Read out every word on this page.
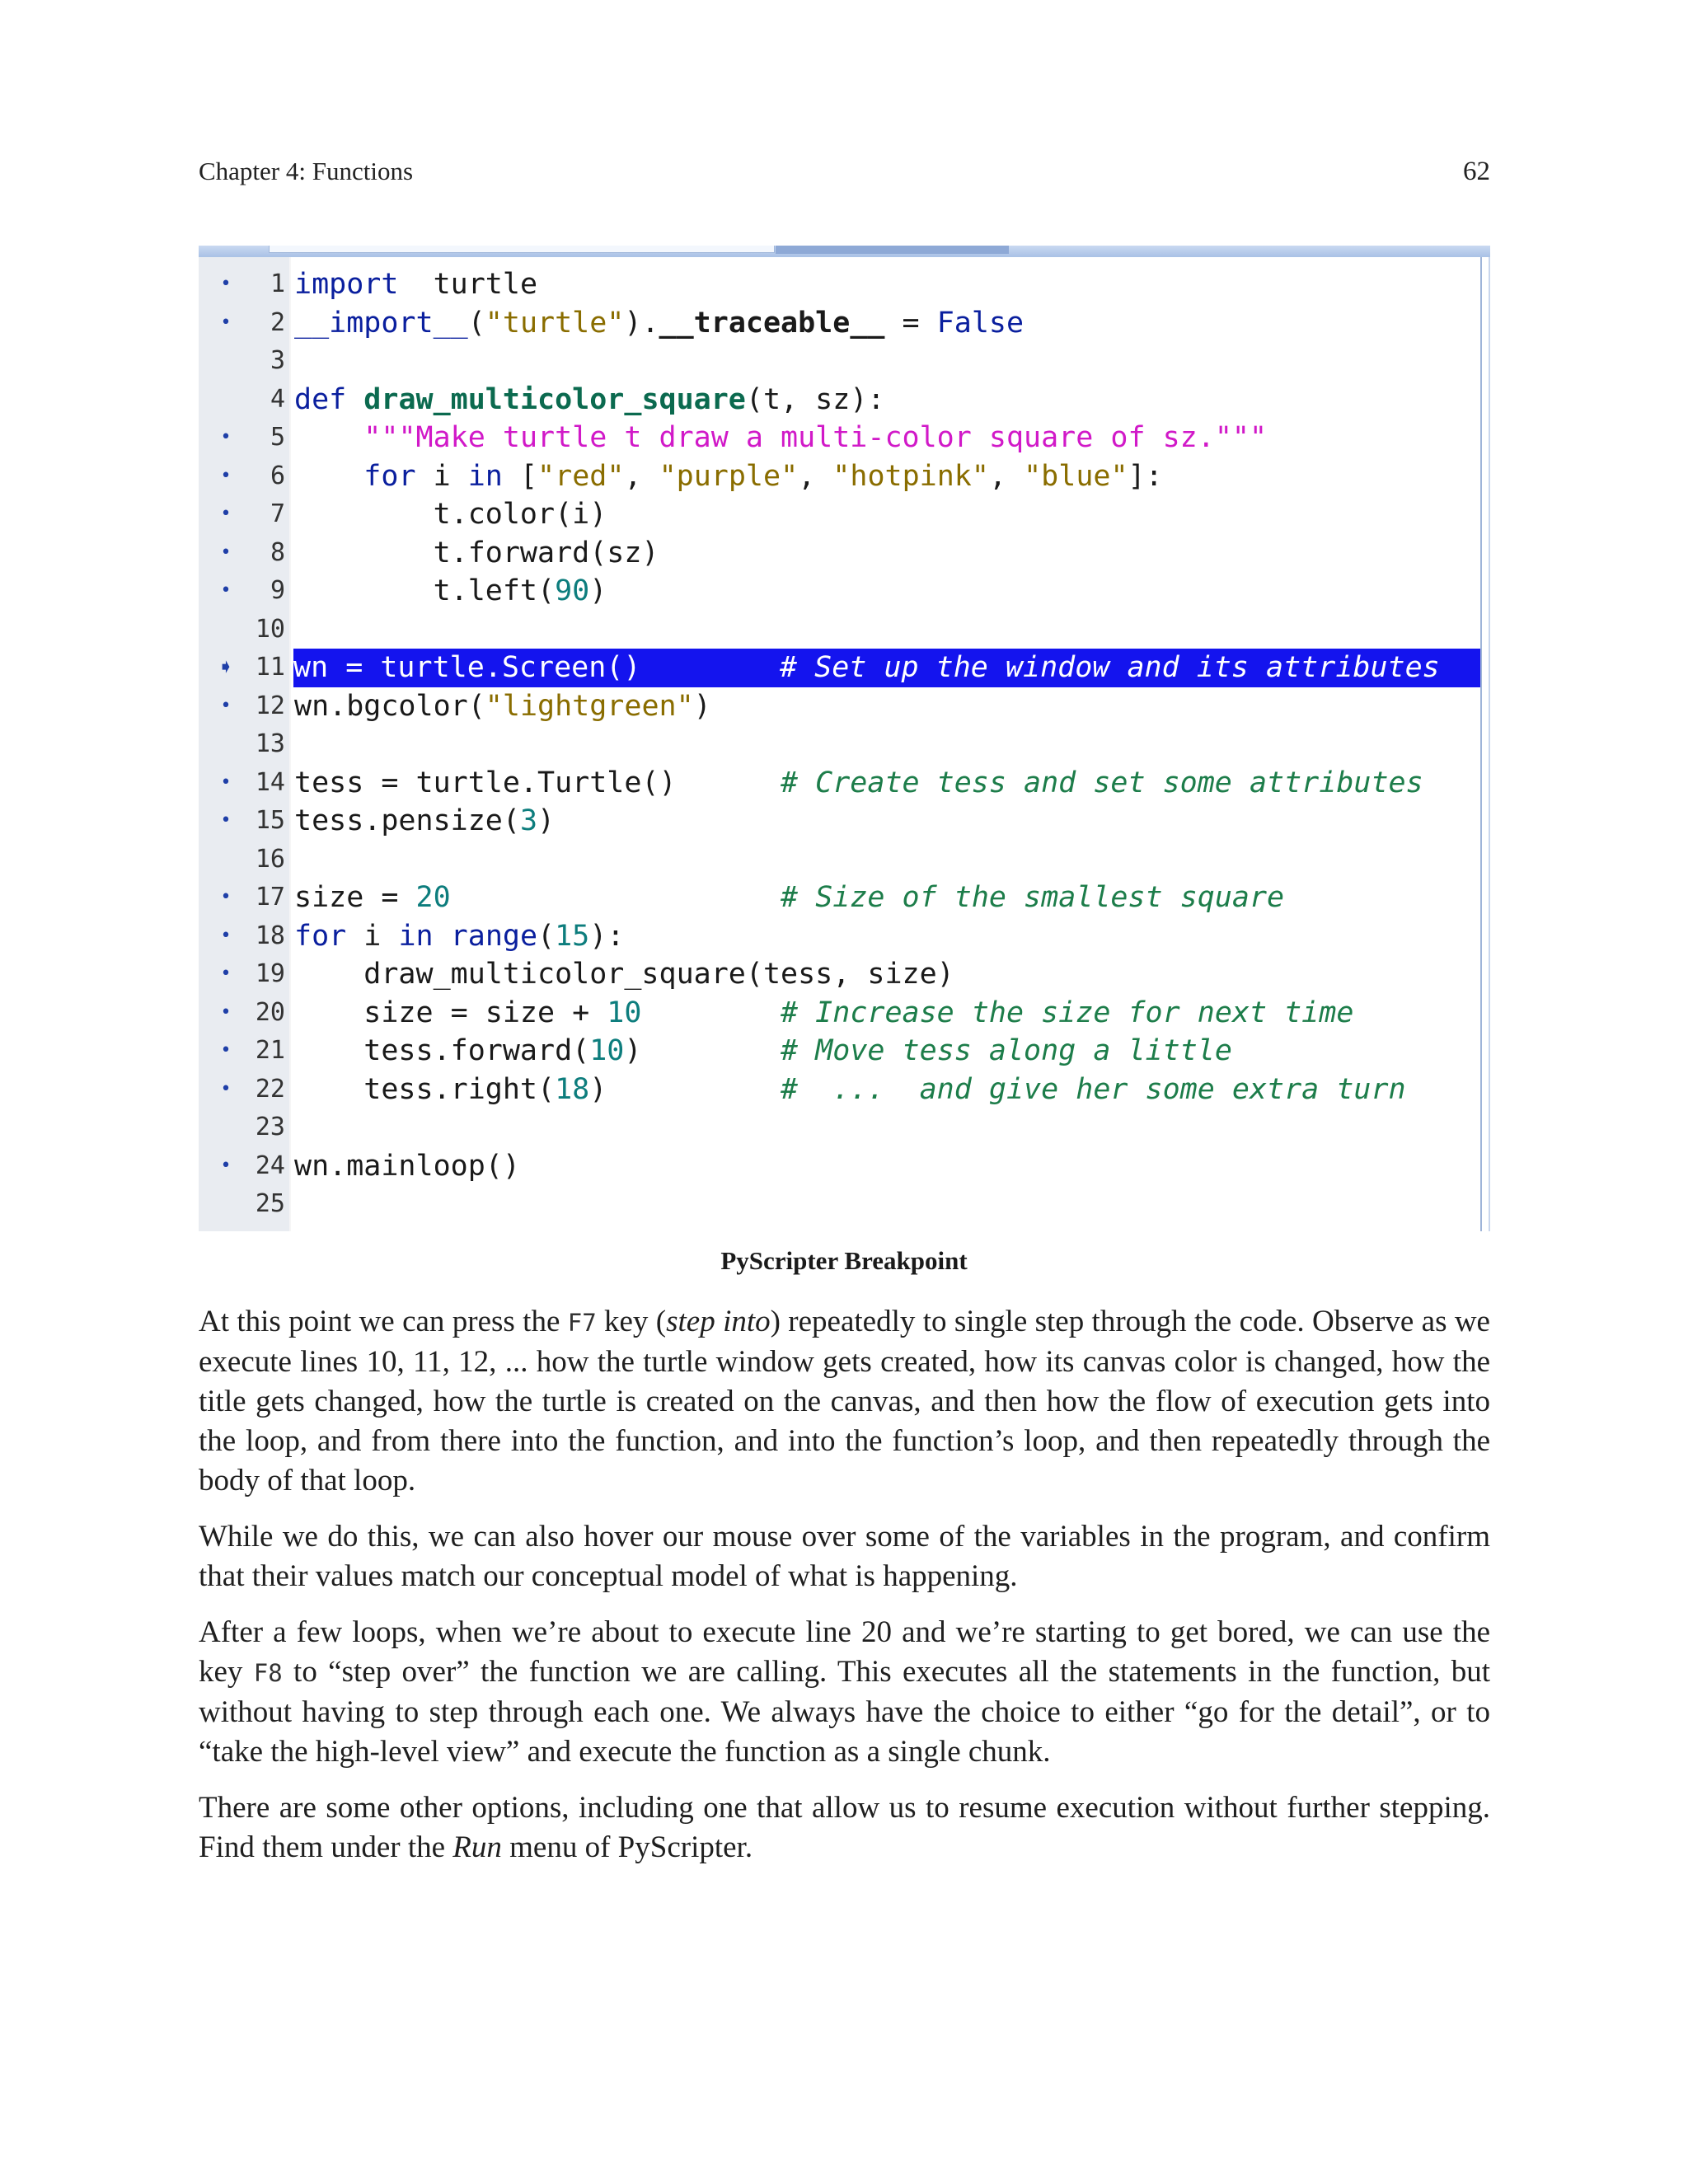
Chapter 4: Functions	62
•	1 import  turtle
•	2 __import__("turtle").__traceable__ = False
3
4 def draw_multicolor_square(t, sz):
•	5	"""Make turtle t draw a multi-color square of sz."""
•	6	for i in ["red", "purple", "hotpink", "blue"]:
•	7 t.color(i)
•	8 t.forward(sz)
•	9 t.left(90)
10
➧ 11 wn = turtle.Screen()        # Set up the window and its attributes
• 12 wn.bgcolor("lightgreen")
13
• 14 tess = turtle.Turtle()      # Create tess and set some attributes
• 15 tess.pensize(3)
16
• 17 size = 20	# Size of the smallest square
• 18 for i in range(15):
• 19 draw_multicolor_square(tess, size)
• 20 size = size + 10	# Increase the size for next time
• 21 tess.forward(10)        # Move tess along a little
• 22 tess.right(18)          #  ...  and give her some extra turn
23
• 24 wn.mainloop()
25
PyScripter Breakpoint

At this point we can press the F7 key (step into) repeatedly to single step through the code. Observe as we execute lines 10, 11, 12, ... how the turtle window gets created, how its canvas color is changed, how the title gets changed, how the turtle is created on the canvas, and then how the flow of execution gets into the loop, and from there into the function, and into the function’s loop, and then repeatedly through the body of that loop.

While we do this, we can also hover our mouse over some of the variables in the program, and confirm that their values match our conceptual model of what is happening.

After a few loops, when we’re about to execute line 20 and we’re starting to get bored, we can use the key F8 to “step over” the function we are calling. This executes all the statements in the function, but without having to step through each one. We always have the choice to either “go for the detail”, or to “take the high-level view” and execute the function as a single chunk.

There are some other options, including one that allow us to resume execution without further stepping. Find them under the Run menu of PyScripter.
